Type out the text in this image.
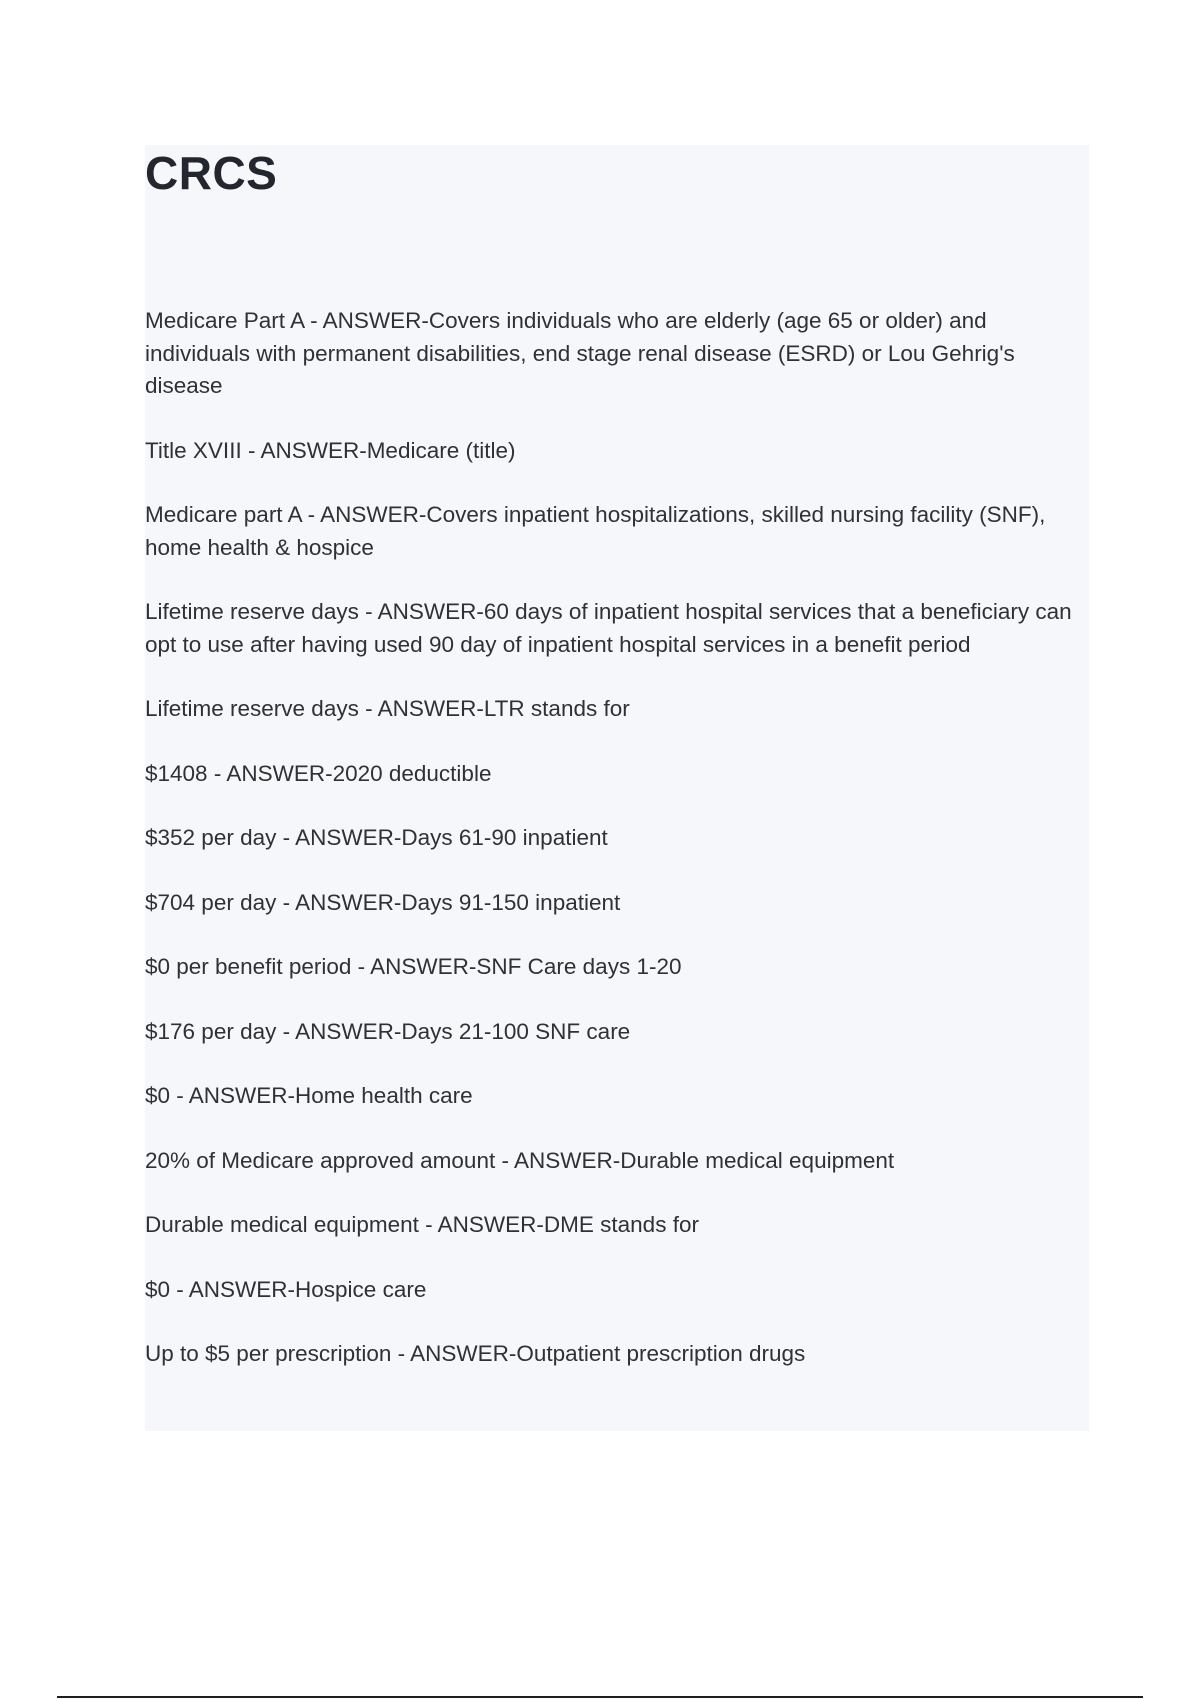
CRCS
Medicare Part A - ANSWER-Covers individuals who are elderly (age 65 or older) and individuals with permanent disabilities, end stage renal disease (ESRD) or Lou Gehrig's disease
Title XVIII - ANSWER-Medicare (title)
Medicare part A - ANSWER-Covers inpatient hospitalizations, skilled nursing facility (SNF), home health & hospice
Lifetime reserve days - ANSWER-60 days of inpatient hospital services that a beneficiary can opt to use after having used 90 day of inpatient hospital services in a benefit period
Lifetime reserve days - ANSWER-LTR stands for
$1408 - ANSWER-2020 deductible
$352 per day - ANSWER-Days 61-90 inpatient
$704 per day - ANSWER-Days 91-150 inpatient
$0 per benefit period - ANSWER-SNF Care days 1-20
$176 per day - ANSWER-Days 21-100 SNF care
$0 - ANSWER-Home health care
20% of Medicare approved amount - ANSWER-Durable medical equipment
Durable medical equipment - ANSWER-DME stands for
$0 - ANSWER-Hospice care
Up to $5 per prescription - ANSWER-Outpatient prescription drugs
